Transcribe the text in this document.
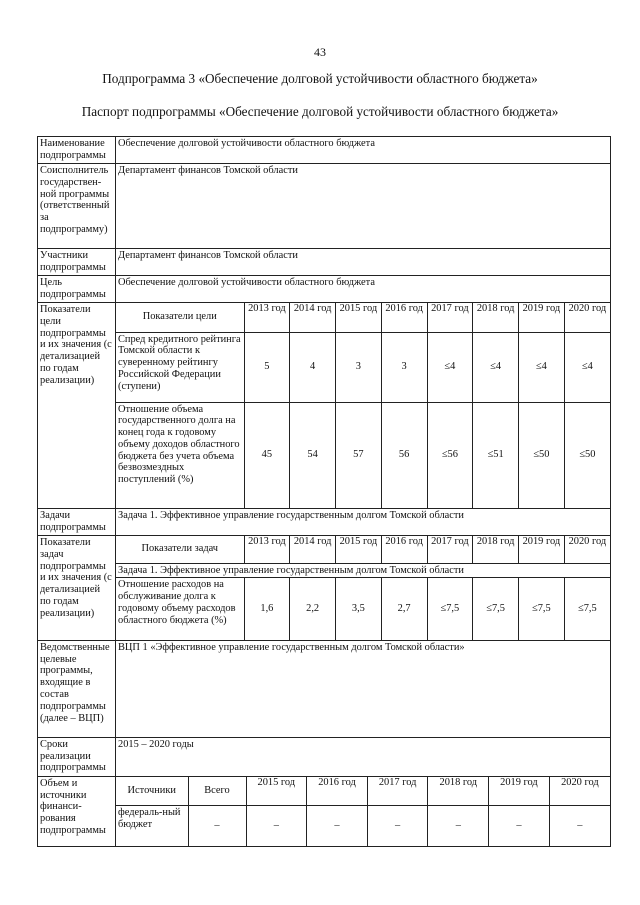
43
Подпрограмма 3 «Обеспечение долговой устойчивости областного бюджета»
Паспорт подпрограммы «Обеспечение долговой устойчивости областного бюджета»
Наименование подпрограммы	Обеспечение долговой устойчивости областного бюджета
Соисполнитель государствен-ной программы (ответственный за подпрограмму)	Департамент финансов Томской области
Участники подпрограммы	Департамент финансов Томской области
Цель подпрограммы	Обеспечение долговой устойчивости областного бюджета
Показатели цели подпрограммы и их значения (с детализацией по годам реализации)	
Показатели цели	2013 год	2014 год	2015 год	2016 год	2017 год	2018 год	2019 год	2020 год
Спред кредитного рейтинга Томской области к суверенному рейтингу Российской Федерации (ступени)	5	4	3	3	≤4	≤4	≤4	≤4
Отношение объема государственного долга на конец года к годовому объему доходов областного бюджета без учета объема безвозмездных поступлений (%)	45	54	57	56	≤56	≤51	≤50	≤50

Задачи подпрограммы	Задача 1. Эффективное управление государственным долгом Томской области
Показатели задач подпрограммы и их значения (с детализацией по годам реализации)	
Показатели задач	2013 год	2014 год	2015 год	2016 год	2017 год	2018 год	2019 год	2020 год
Задача 1. Эффективное управление государственным долгом Томской области
Отношение расходов на обслуживание долга к годовому объему расходов областного бюджета (%)	1,6	2,2	3,5	2,7	≤7,5	≤7,5	≤7,5	≤7,5

Ведомственные целевые программы, входящие в состав подпрограммы (далее – ВЦП)	ВЦП 1 «Эффективное управление государственным долгом Томской области»
Сроки реализации подпрограммы	2015 – 2020 годы
Объем и источники финанси-рования подпрограммы	
Источники	Всего	2015 год	2016 год	2017 год	2018 год	2019 год	2020 год
федераль-ный бюджет	–	–	–	–	–	–	–
